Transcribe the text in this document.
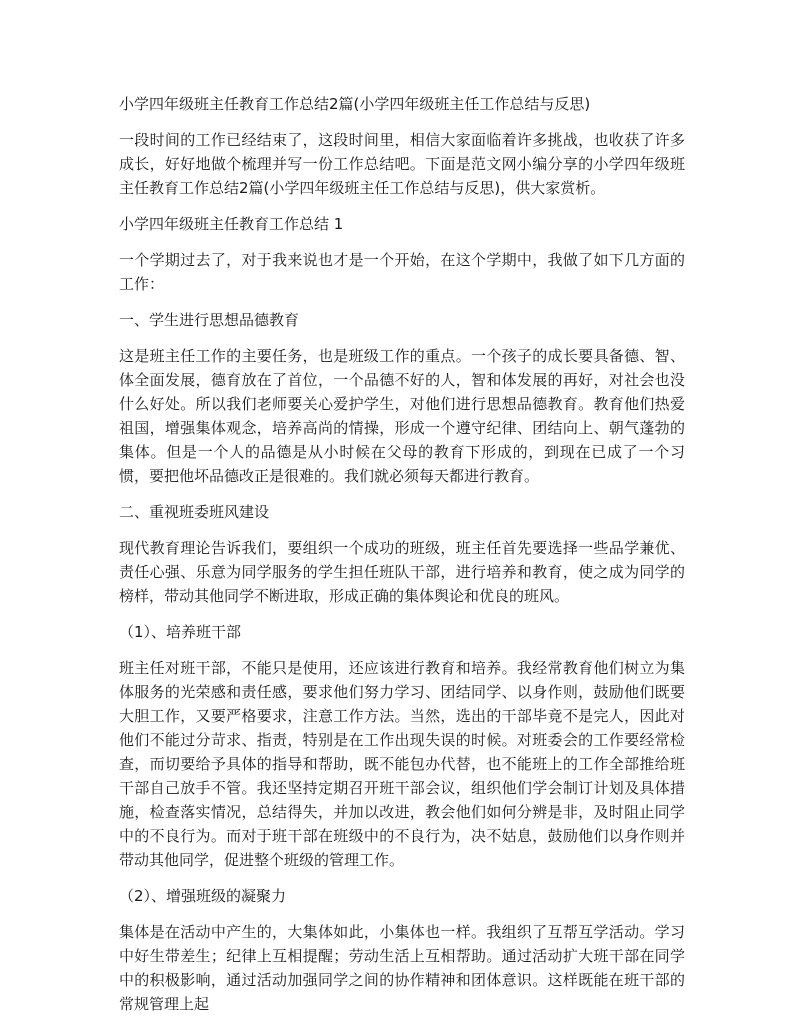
小学四年级班主任教育工作总结2篇(小学四年级班主任工作总结与反思)

一段时间的工作已经结束了，这段时间里，相信大家面临着许多挑战，也收获了许多成长，好好地做个梳理并写一份工作总结吧。下面是范文网小编分享的小学四年级班主任教育工作总结2篇(小学四年级班主任工作总结与反思)，供大家赏析。

小学四年级班主任教育工作总结 1

一个学期过去了，对于我来说也才是一个开始，在这个学期中，我做了如下几方面的工作：

一、学生进行思想品德教育

这是班主任工作的主要任务，也是班级工作的重点。一个孩子的成长要具备德、智、体全面发展，德育放在了首位，一个品德不好的人，智和体发展的再好，对社会也没什么好处。所以我们老师要关心爱护学生，对他们进行思想品德教育。教育他们热爱祖国，增强集体观念，培养高尚的情操，形成一个遵守纪律、团结向上、朝气蓬勃的集体。但是一个人的品德是从小时候在父母的教育下形成的，到现在已成了一个习惯，要把他坏品德改正是很难的。我们就必须每天都进行教育。

二、重视班委班风建设

现代教育理论告诉我们，要组织一个成功的班级，班主任首先要选择一些品学兼优、责任心强、乐意为同学服务的学生担任班队干部，进行培养和教育，使之成为同学的榜样，带动其他同学不断进取，形成正确的集体舆论和优良的班风。

（1）、培养班干部

班主任对班干部，不能只是使用，还应该进行教育和培养。我经常教育他们树立为集体服务的光荣感和责任感，要求他们努力学习、团结同学、以身作则，鼓励他们既要大胆工作，又要严格要求，注意工作方法。当然，选出的干部毕竟不是完人，因此对他们不能过分苛求、指责，特别是在工作出现失误的时候。对班委会的工作要经常检查，而切要给予具体的指导和帮助，既不能包办代替，也不能班上的工作全部推给班干部自己放手不管。我还坚持定期召开班干部会议，组织他们学会制订计划及具体措施，检查落实情况，总结得失，并加以改进，教会他们如何分辨是非，及时阻止同学中的不良行为。而对于班干部在班级中的不良行为，决不姑息，鼓励他们以身作则并带动其他同学，促进整个班级的管理工作。

（2）、增强班级的凝聚力

集体是在活动中产生的，大集体如此，小集体也一样。我组织了互帮互学活动。学习中好生带差生；纪律上互相提醒；劳动生活上互相帮助。通过活动扩大班干部在同学中的积极影响，通过活动加强同学之间的协作精神和团体意识。这样既能在班干部的常规管理上起
